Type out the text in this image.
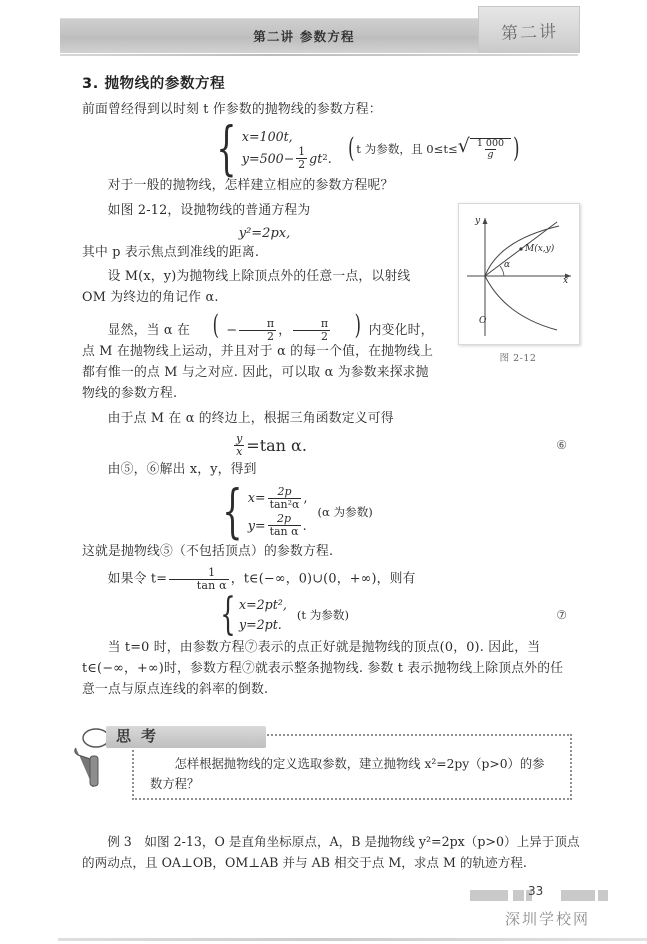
第二讲 参数方程	第二讲
3. 抛物线的参数方程

前面曾经得到以时刻 t 作参数的抛物线的参数方程：

{ x=100t,
$y=500- \frac{1}{2}$ gt 2 . ( t 为参数，且 0≤t≤ √ $\frac{1 000}{g}$ )

对于一般的抛物线，怎样建立相应的参数方程呢？

如图 2-12，设抛物线的普通方程为

y²=2px,

其中 p 表示焦点到准线的距离.

设 M(x，y)为抛物线上除顶点外的任意一点，以射线 OM 为终边的角记作 α.

显然，当 α 在 ( − $\frac{\pi}{2}$ ， $\frac{\pi}{2}$ ) 内变化时，点 M 在抛物线上运动，并且对于 α 的每一个值，在抛物线上都有惟一的点 M 与之对应. 因此，可以取 α 为参数来探求抛物线的参数方程.

由于点 M 在 α 的终边上，根据三角函数定义可得

$\frac{y}{x} =\tan$ α.	⑥

由⑤，⑥解出 x，y，得到

{ $x= \frac{2p}{\text{tan²α}}$ ,
$y= \frac{2p}{\text{tan α}}$ .
(α 为参数)

这就是抛物线⑤（不包括顶点）的参数方程.

如果令 $t= \frac{1}{\text{tan α}}$ ，t∈(−∞，0)∪(0，+∞)，则有

{ x=2pt²,
y=2pt.
(t 为参数)	⑦

当 t=0 时，由参数方程⑦表示的点正好就是抛物线的顶点(0，0). 因此，当 t∈(−∞，+∞)时，参数方程⑦就表示整条抛物线. 参数 t 表示抛物线上除顶点外的任意一点与原点连线的斜率的倒数.

O
x
y
M(x,y)
α
图 2-12
思考
怎样根据抛物线的定义选取参数，建立抛物线 x²=2py（p>0）的参数方程？

例 3　如图 2-13，O 是直角坐标原点，A，B 是抛物线 y²=2px（p>0）上异于顶点的两动点，且 OA⊥OB，OM⊥AB 并与 AB 相交于点 M，求点 M 的轨迹方程.

33
深圳学校网
